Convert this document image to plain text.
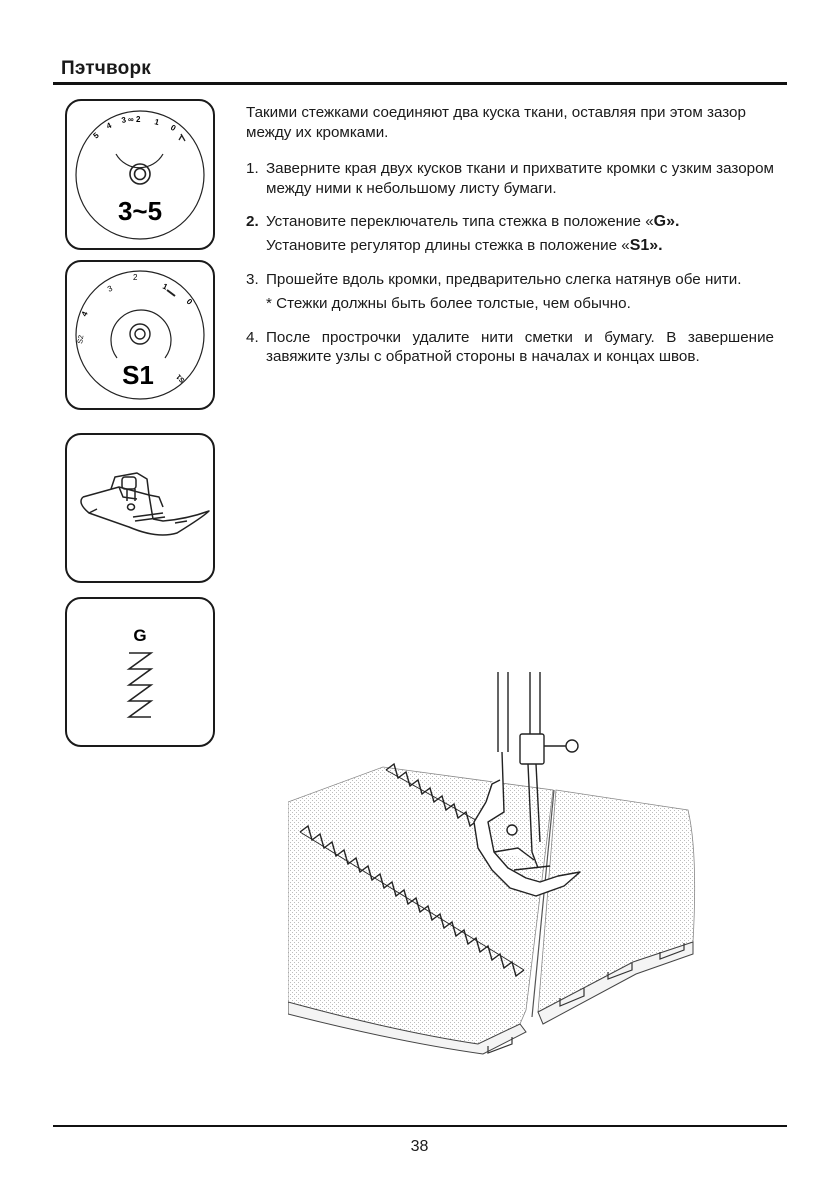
Пэтчворк
5
4
3 ∞ 2 1
0
3~5
4
3
2
1
0
S2
S1
S1
G

Такими стежками соединяют два куска ткани, оставляя при этом зазор между их кромками.

1. Заверните края двух кусков ткани и прихватите кромки с узким зазором между ними к небольшому листу бумаги.
2. Установите переключатель типа стежка в положение «G».
Установите регулятор длины стежка в положение «S1».
3. Прошейте вдоль кромки, предварительно слегка натянув обе нити.
* Стежки должны быть более толстые, чем обычно.
4. После прострочки удалите нити сметки и бумагу. В завершение завяжите узлы с обратной стороны в началах и концах швов.
38
